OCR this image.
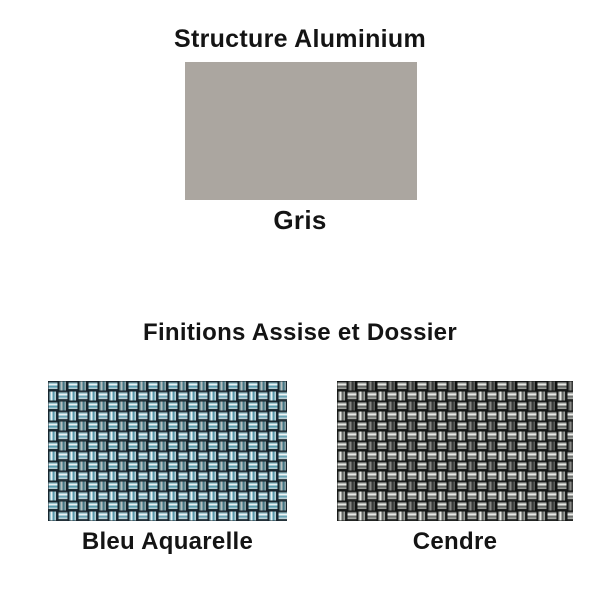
Structure Aluminium
Gris
Finitions Assise et Dossier
Bleu Aquarelle	Cendre
